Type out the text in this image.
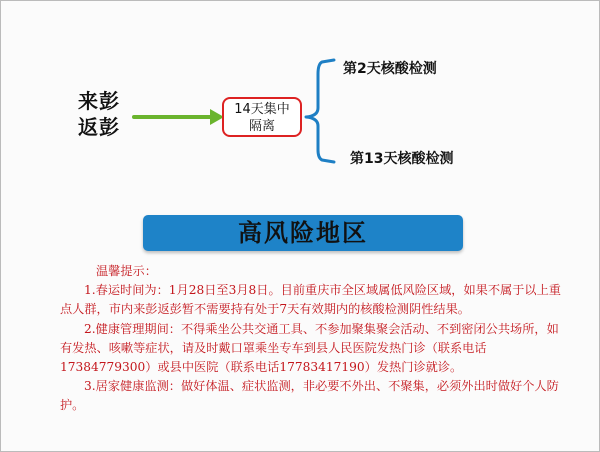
来彭
返彭
14天集中
隔离
第2天核酸检测
第13天核酸检测
高风险地区

温馨提示：

1.春运时间为：1月28日至3月8日。目前重庆市全区域属低风险区域，如果不属于以上重点人群，市内来彭返彭暂不需要持有处于7天有效期内的核酸检测阴性结果。

2.健康管理期间：不得乘坐公共交通工具、不参加聚集聚会活动、不到密闭公共场所，如有发热、咳嗽等症状，请及时戴口罩乘坐专车到县人民医院发热门诊（联系电话17384779300）或县中医院（联系电话17783417190）发热门诊就诊。

3.居家健康监测：做好体温、症状监测，非必要不外出、不聚集，必须外出时做好个人防护。
